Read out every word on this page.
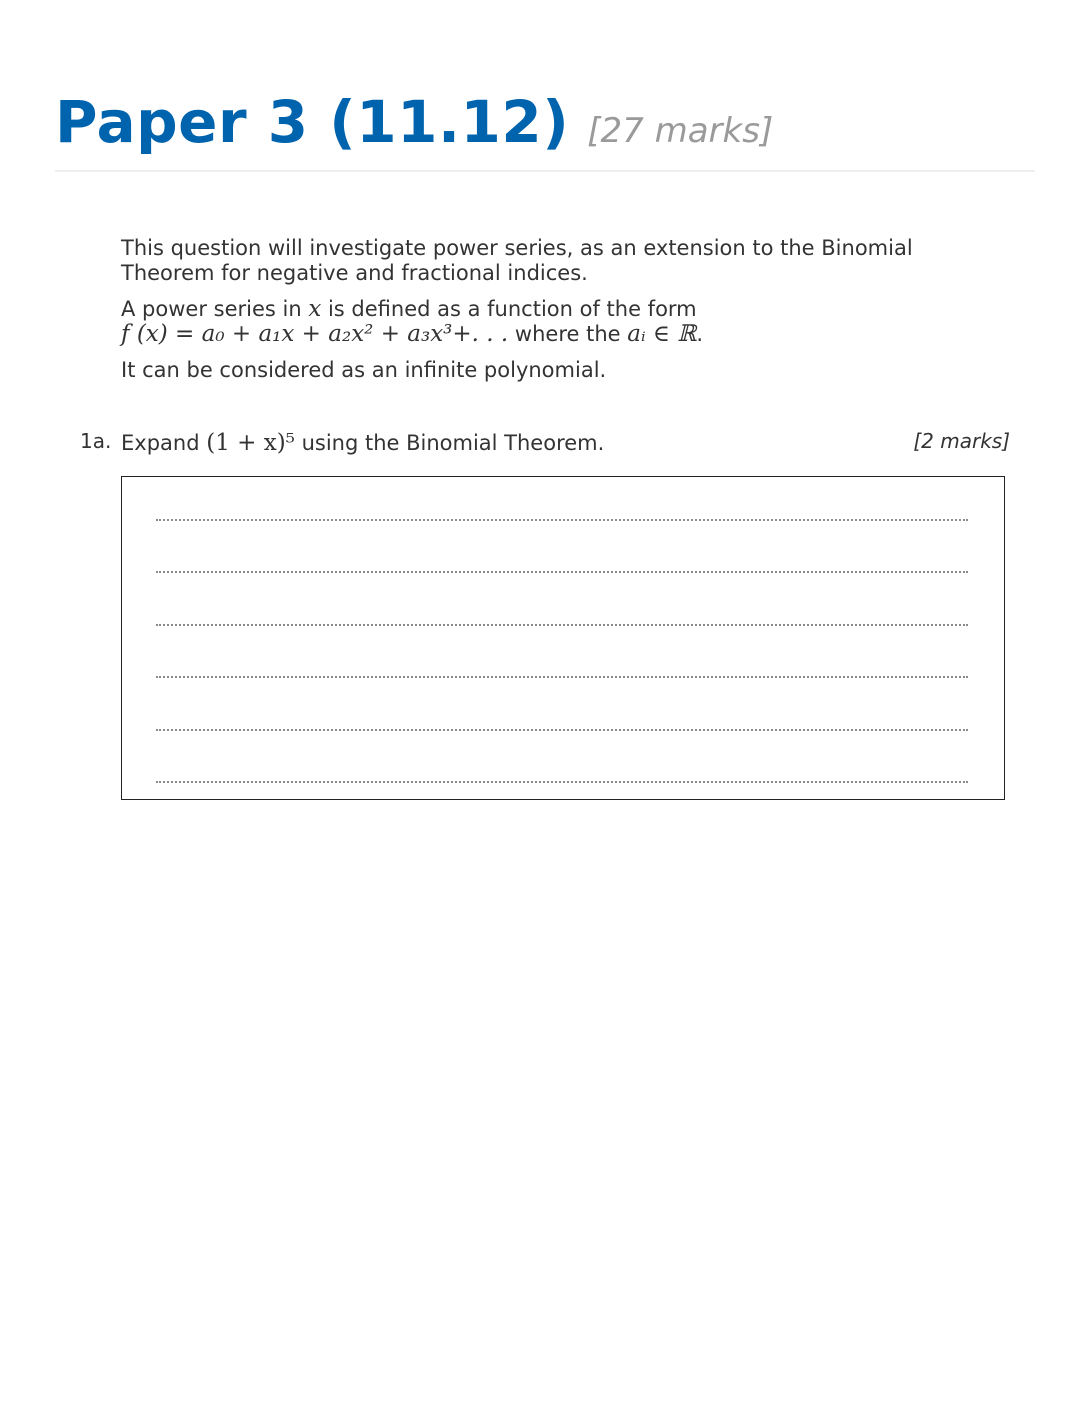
Paper 3 (11.12) [27 marks]

This question will investigate power series, as an extension to the Binomial Theorem for negative and fractional indices.

A power series in x is defined as a function of the form
f (x) = a₀ + a₁x + a₂x² + a₃x³+. . . where the aᵢ ∈ ℝ.

It can be considered as an infinite polynomial.

1a. Expand (1 + x)⁵ using the Binomial Theorem.	[2 marks]
